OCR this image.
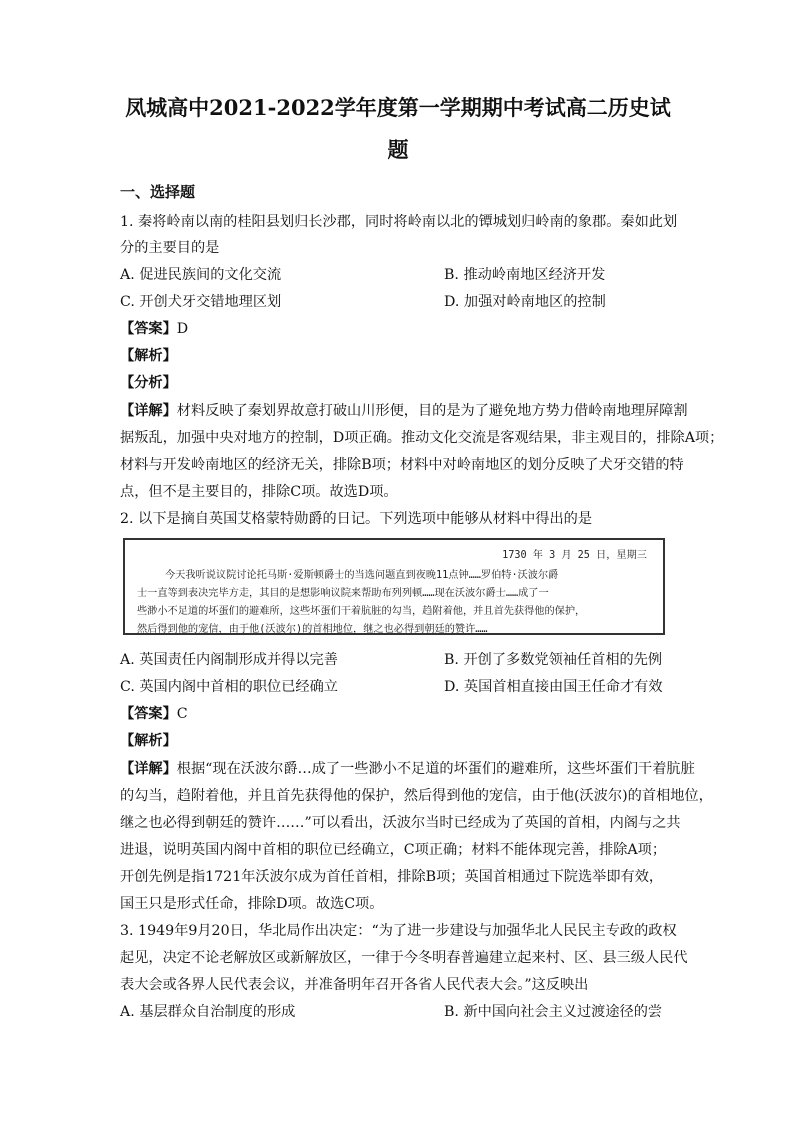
凤城高中2021-2022学年度第一学期期中考试高二历史试
题
一、选择题
1. 秦将岭南以南的桂阳县划归长沙郡，同时将岭南以北的镡城划归岭南的象郡。秦如此划
分的主要目的是
A. 促进民族间的文化交流	B. 推动岭南地区经济开发
C. 开创犬牙交错地理区划	D. 加强对岭南地区的控制
【答案】D
【解析】
【分析】
【详解】材料反映了秦划界故意打破山川形便，目的是为了避免地方势力借岭南地理屏障割
据叛乱，加强中央对地方的控制，D项正确。推动文化交流是客观结果，非主观目的，排除A项；
材料与开发岭南地区的经济无关，排除B项；材料中对岭南地区的划分反映了犬牙交错的特
点，但不是主要目的，排除C项。故选D项。
2. 以下是摘自英国艾格蒙特勋爵的日记。下列选项中能够从材料中得出的是
1730 年 3 月 25 日，星期三
今天我听说议院讨论托马斯·爱斯顿爵士的当选问题直到夜晚11点钟……罗伯特·沃波尔爵
士一直等到表决完毕方走，其目的是想影响议院来帮助布列列顿……现在沃波尔爵士……成了一
些渺小不足道的坏蛋们的避难所，这些坏蛋们干着肮脏的勾当，趋附着他，并且首先获得他的保护，
然后得到他的宠信，由于他(沃波尔)的首相地位，继之也必得到朝廷的赞许……
A. 英国责任内阁制形成并得以完善	B. 开创了多数党领袖任首相的先例
C. 英国内阁中首相的职位已经确立	D. 英国首相直接由国王任命才有效
【答案】C
【解析】
【详解】根据“现在沃波尔爵…成了一些渺小不足道的坏蛋们的避难所，这些坏蛋们干着肮脏
的勾当，趋附着他，并且首先获得他的保护，然后得到他的宠信，由于他(沃波尔)的首相地位，
继之也必得到朝廷的赞许……”可以看出，沃波尔当时已经成为了英国的首相，内阁与之共
进退，说明英国内阁中首相的职位已经确立，C项正确；材料不能体现完善，排除A项；
开创先例是指1721年沃波尔成为首任首相，排除B项；英国首相通过下院选举即有效，
国王只是形式任命，排除D项。故选C项。
3. 1949年9月20日，华北局作出决定：“为了进一步建设与加强华北人民民主专政的政权
起见，决定不论老解放区或新解放区，一律于今冬明春普遍建立起来村、区、县三级人民代
表大会或各界人民代表会议，并准备明年召开各省人民代表大会。”这反映出
A. 基层群众自治制度的形成	B. 新中国向社会主义过渡途径的尝
